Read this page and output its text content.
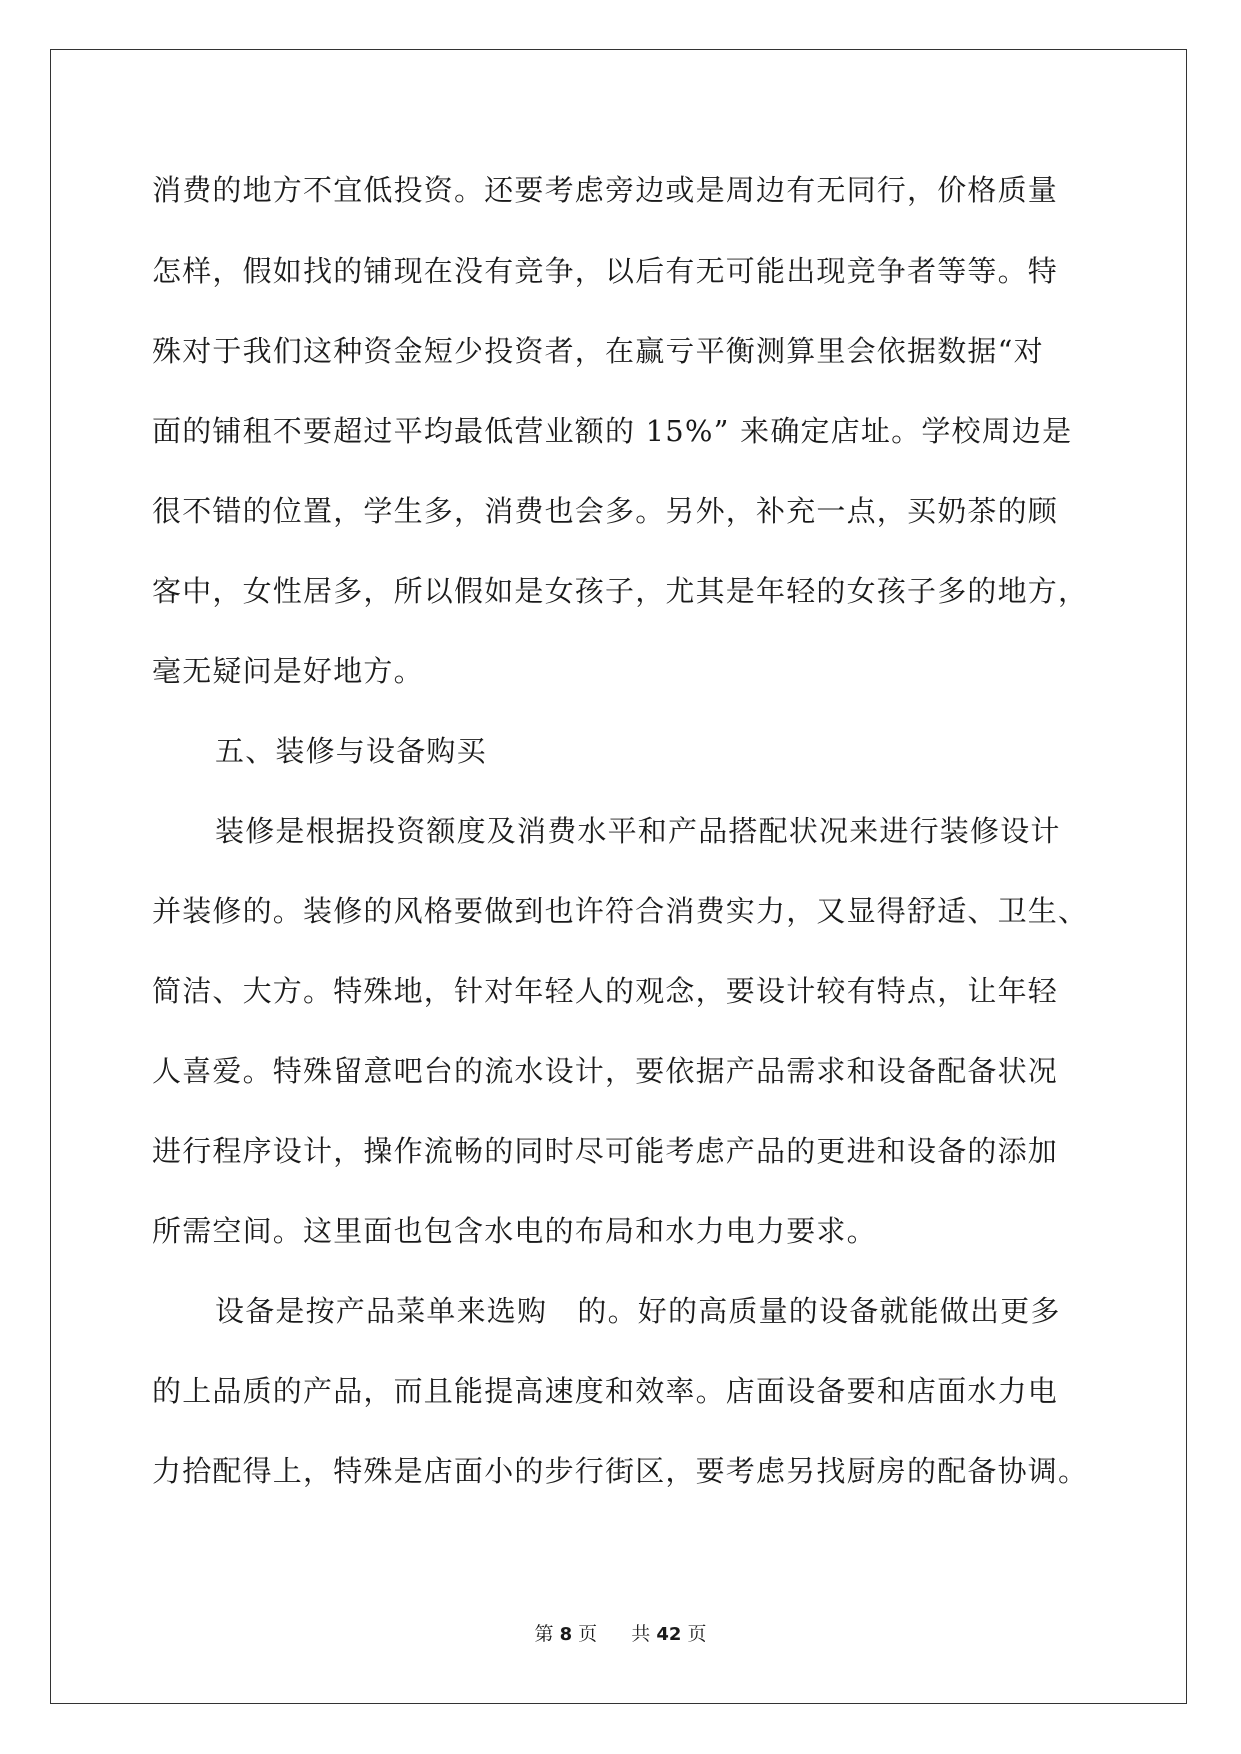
消费的地方不宜低投资。还要考虑旁边或是周边有无同行，价格质量
怎样，假如找的铺现在没有竞争，以后有无可能出现竞争者等等。特
殊对于我们这种资金短少投资者，在赢亏平衡测算里会依据数据“对
面的铺租不要超过平均最低营业额的 15%” 来确定店址。学校周边是
很不错的位置，学生多，消费也会多。另外，补充一点，买奶茶的顾
客中，女性居多，所以假如是女孩子，尤其是年轻的女孩子多的地方，
毫无疑问是好地方。
五、装修与设备购买
装修是根据投资额度及消费水平和产品搭配状况来进行装修设计
并装修的。装修的风格要做到也许符合消费实力，又显得舒适、卫生、
简洁、大方。特殊地，针对年轻人的观念，要设计较有特点，让年轻
人喜爱。特殊留意吧台的流水设计，要依据产品需求和设备配备状况
进行程序设计，操作流畅的同时尽可能考虑产品的更进和设备的添加
所需空间。这里面也包含水电的布局和水力电力要求。
设备是按产品菜单来选购　的。好的高质量的设备就能做出更多
的上品质的产品，而且能提高速度和效率。店面设备要和店面水力电
力拾配得上，特殊是店面小的步行街区，要考虑另找厨房的配备协调。
第 8 页 共 42 页
